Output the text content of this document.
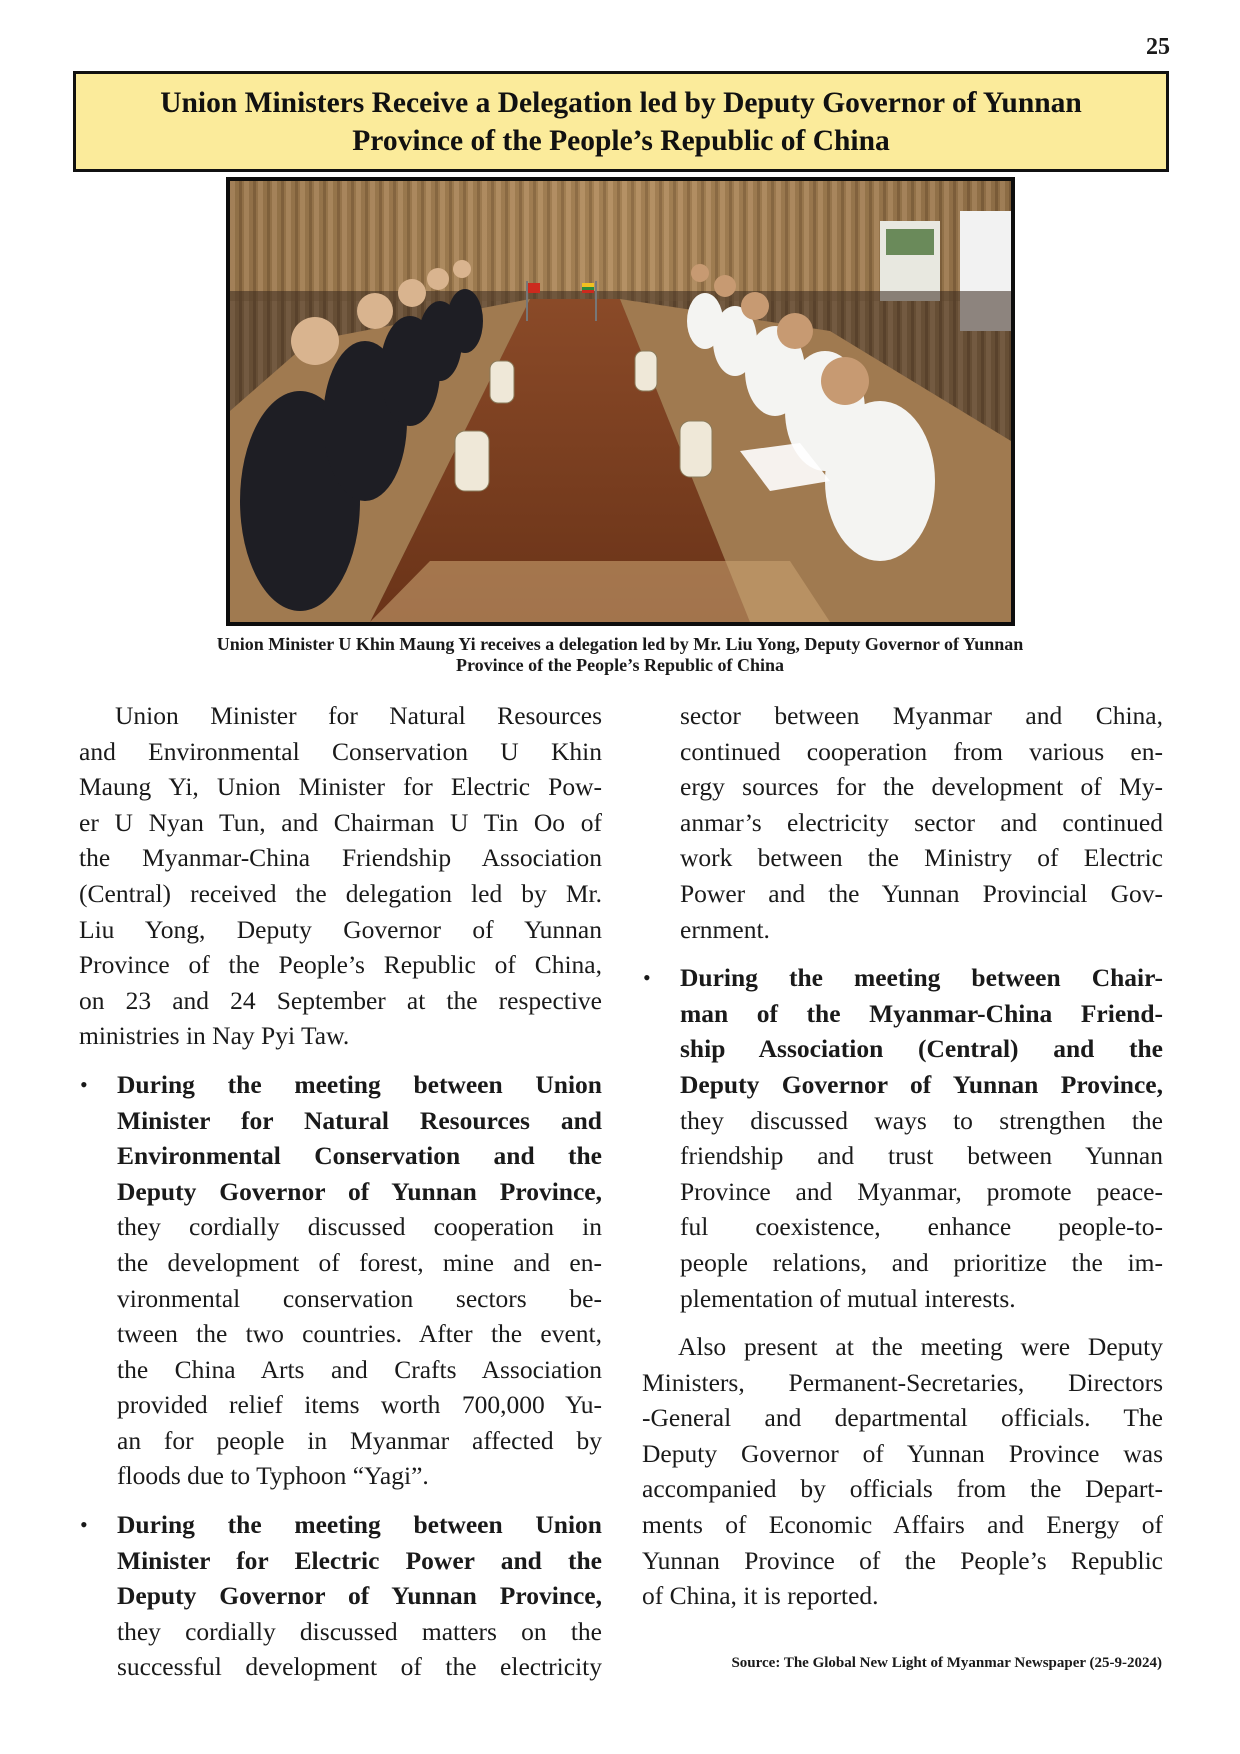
25
Union Ministers Receive a Delegation led by Deputy Governor of Yunnan
Province of the People’s Republic of China
Union Minister U Khin Maung Yi receives a delegation led by Mr. Liu Yong, Deputy Governor of Yunnan
Province of the People’s Republic of China

Union Minister for Natural Resources
and Environmental Conservation U Khin
Maung Yi, Union Minister for Electric Pow-
er U Nyan Tun, and Chairman U Tin Oo of
the Myanmar-China Friendship Association
(Central) received the delegation led by Mr.
Liu Yong, Deputy Governor of Yunnan
Province of the People’s Republic of China,
on 23 and 24 September at the respective
ministries in Nay Pyi Taw.

• During the meeting between Union
Minister for Natural Resources and
Environmental Conservation and the
Deputy Governor of Yunnan Province,
they cordially discussed cooperation in
the development of forest, mine and en-
vironmental conservation sectors be-
tween the two countries. After the event,
the China Arts and Crafts Association
provided relief items worth 700,000 Yu-
an for people in Myanmar affected by
floods due to Typhoon “Yagi”.
• During the meeting between Union
Minister for Electric Power and the
Deputy Governor of Yunnan Province,
they cordially discussed matters on the
successful development of the electricity
sector between Myanmar and China,
continued cooperation from various en-
ergy sources for the development of My-
anmar’s electricity sector and continued
work between the Ministry of Electric
Power and the Yunnan Provincial Gov-
ernment.
• During the meeting between Chair-
man of the Myanmar-China Friend-
ship Association (Central) and the
Deputy Governor of Yunnan Province,
they discussed ways to strengthen the
friendship and trust between Yunnan
Province and Myanmar, promote peace-
ful coexistence, enhance people-to-
people relations, and prioritize the im-
plementation of mutual interests.

Also present at the meeting were Deputy
Ministers, Permanent-Secretaries, Directors
-General and departmental officials. The
Deputy Governor of Yunnan Province was
accompanied by officials from the Depart-
ments of Economic Affairs and Energy of
Yunnan Province of the People’s Republic
of China, it is reported.

Source: The Global New Light of Myanmar Newspaper (25-9-2024)
